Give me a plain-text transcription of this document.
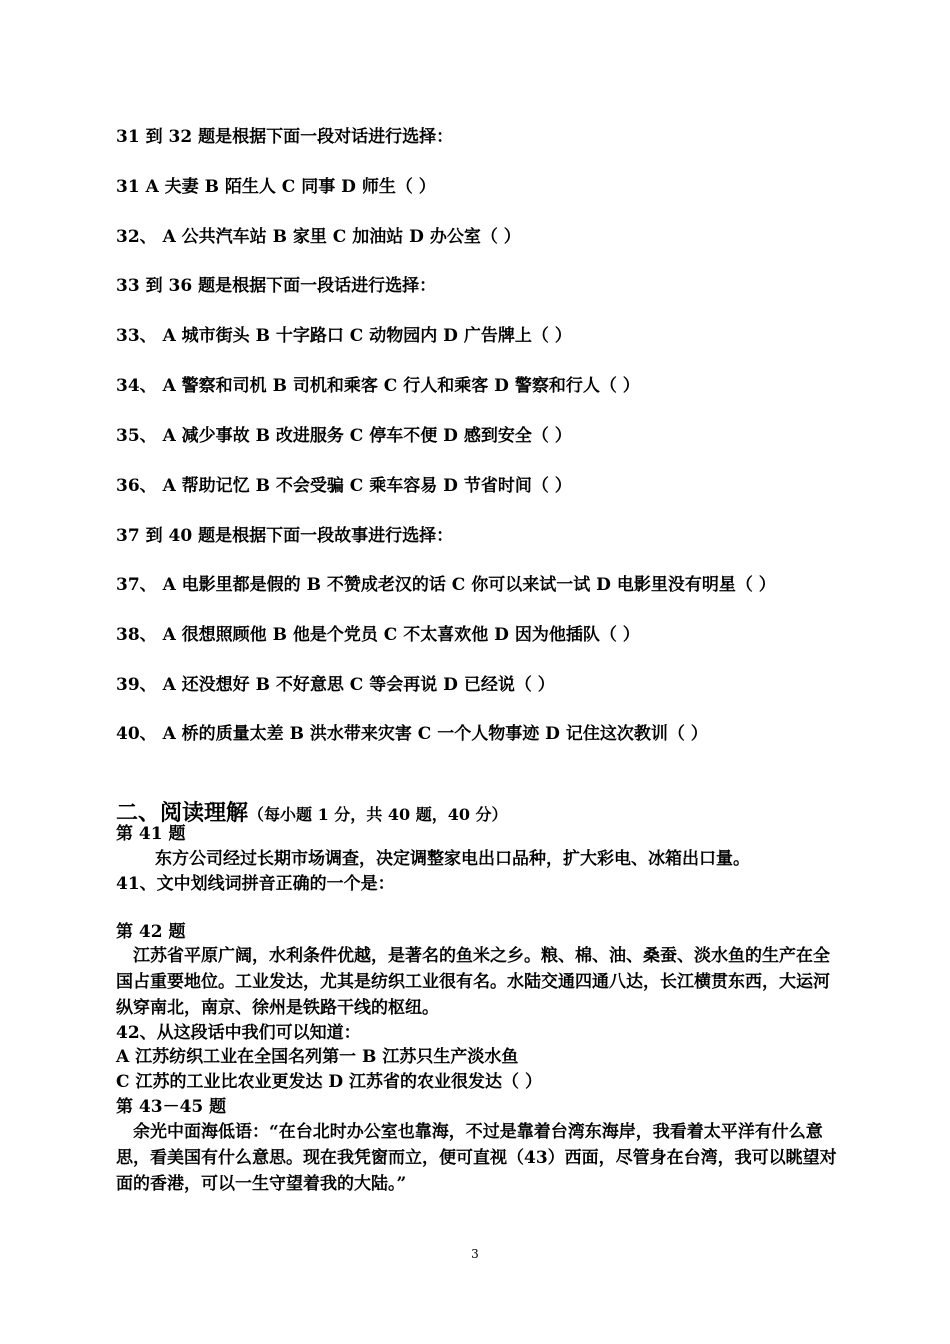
31 到 32 题是根据下面一段对话进行选择：
31 A 夫妻 B 陌生人 C 同事 D 师生（ ）
32、 A 公共汽车站 B 家里 C 加油站 D 办公室（ ）
33 到 36 题是根据下面一段话进行选择：
33、 A 城市街头 B 十字路口 C 动物园内 D 广告牌上（ ）
34、 A 警察和司机 B 司机和乘客 C 行人和乘客 D 警察和行人（ ）
35、 A 减少事故 B 改进服务 C 停车不便 D 感到安全（ ）
36、 A 帮助记忆 B 不会受骗 C 乘车容易 D 节省时间（ ）
37 到 40 题是根据下面一段故事进行选择：
37、 A 电影里都是假的 B 不赞成老汉的话 C 你可以来试一试 D 电影里没有明星（ ）
38、 A 很想照顾他 B 他是个党员 C 不太喜欢他 D 因为他插队（ ）
39、 A 还没想好 B 不好意思 C 等会再说 D 已经说（ ）
40、 A 桥的质量太差 B 洪水带来灾害 C 一个人物事迹 D 记住这次教训（ ）
二、阅读理解（每小题 1 分，共 40 题，40 分）
第 41 题
东方公司经过长期市场调查，决定调整家电出口品种，扩大彩电、冰箱出口量。
41、文中划线词拼音正确的一个是：
第 42 题
江苏省平原广阔，水利条件优越，是著名的鱼米之乡。粮、棉、油、桑蚕、淡水鱼的生产在全国占重要地位。工业发达，尤其是纺织工业很有名。水陆交通四通八达，长江横贯东西，大运河纵穿南北，南京、徐州是铁路干线的枢纽。
42、从这段话中我们可以知道：
A 江苏纺织工业在全国名列第一 B 江苏只生产淡水鱼
C 江苏的工业比农业更发达 D 江苏省的农业很发达（ ）
第 43－45 题
余光中面海低语：“在台北时办公室也靠海，不过是靠着台湾东海岸，我看着太平洋有什么意思，看美国有什么意思。现在我凭窗而立，便可直视（43）西面，尽管身在台湾，我可以眺望对面的香港，可以一生守望着我的大陆。”
3
